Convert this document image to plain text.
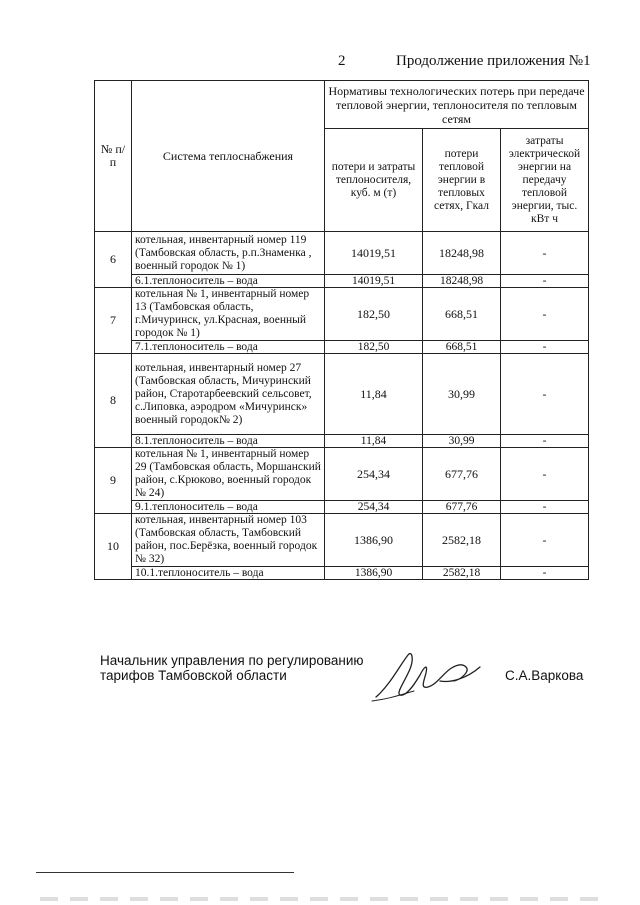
2	Продолжение приложения №1
№ п/п	Система теплоснабжения	Нормативы технологических потерь при передаче тепловой энергии, теплоносителя по тепловым сетям		
		потери и затраты теплоносителя, куб. м (т)	потери тепловой энергии в тепловых сетях, Гкал	затраты электрической энергии на передачу тепловой энергии, тыс. кВт ч
6	котельная, инвентарный номер 119 (Тамбовская область, р.п.Знаменка , военный городок № 1)	14019,51	18248,98	-
	6.1.теплоноситель – вода	14019,51	18248,98	-
7	котельная № 1, инвентарный номер 13 (Тамбовская область, г.Мичуринск, ул.Красная, военный городок № 1)	182,50	668,51	-
	7.1.теплоноситель – вода	182,50	668,51	-
8	котельная, инвентарный номер 27 (Тамбовская область, Мичуринский район, Старотарбеевский сельсовет, с.Липовка, аэродром «Мичуринск» военный городок№ 2)	11,84	30,99	-
	8.1.теплоноситель – вода	11,84	30,99	-
9	котельная № 1, инвентарный номер 29 (Тамбовская область, Моршанский район, с.Крюково, военный городок № 24)	254,34	677,76	-
	9.1.теплоноситель – вода	254,34	677,76	-
10	котельная, инвентарный номер 103 (Тамбовская область, Тамбовский район, пос.Берёзка, военный городок № 32)	1386,90	2582,18	-
	10.1.теплоноситель – вода	1386,90	2582,18	-
Начальник управления по регулированию
тарифов Тамбовской области	С.А.Варкова
